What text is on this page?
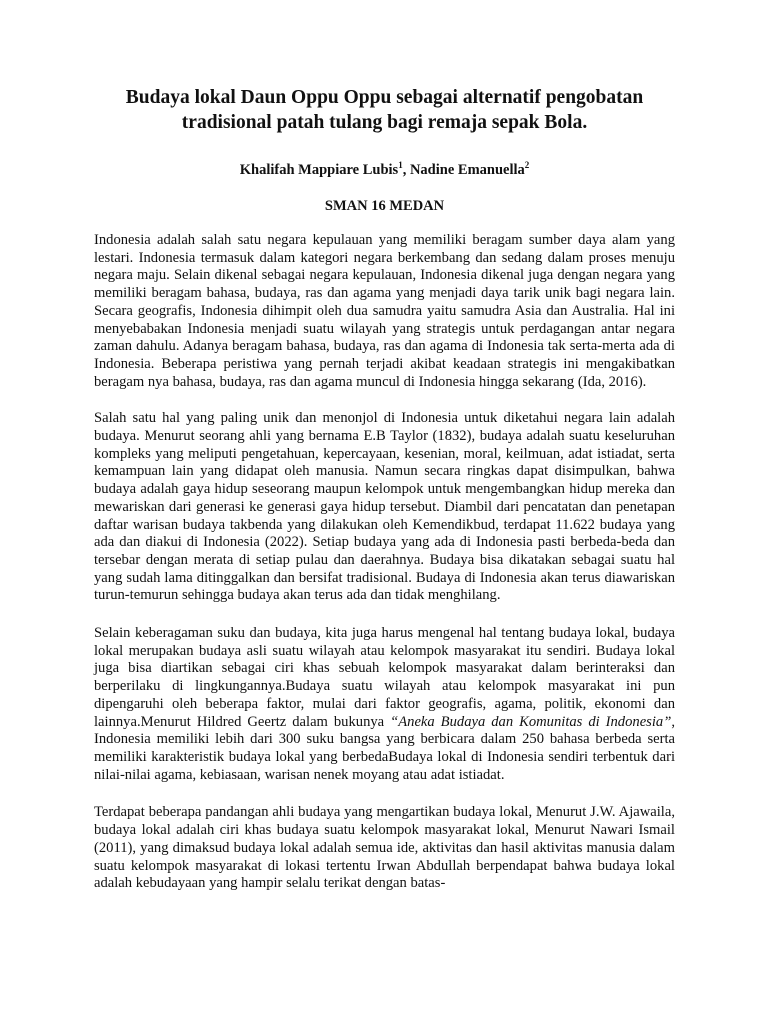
Budaya lokal Daun Oppu Oppu sebagai alternatif pengobatan tradisional patah tulang bagi remaja sepak Bola.
Khalifah Mappiare Lubis$^1$, Nadine Emanuella$^2$
SMAN 16 MEDAN

Indonesia adalah salah satu negara kepulauan yang memiliki beragam sumber daya alam yang lestari. Indonesia termasuk dalam kategori negara berkembang dan sedang dalam proses menuju negara maju. Selain dikenal sebagai negara kepulauan, Indonesia dikenal juga dengan negara yang memiliki beragam bahasa, budaya, ras dan agama yang menjadi daya tarik unik bagi negara lain. Secara geografis, Indonesia dihimpit oleh dua samudra yaitu samudra Asia dan Australia. Hal ini menyebabakan Indonesia menjadi suatu wilayah yang strategis untuk perdagangan antar negara zaman dahulu. Adanya beragam bahasa, budaya, ras dan agama di Indonesia tak serta-merta ada di Indonesia. Beberapa peristiwa yang pernah terjadi akibat keadaan strategis ini mengakibatkan beragam nya bahasa, budaya, ras dan agama muncul di Indonesia hingga sekarang (Ida, 2016).

Salah satu hal yang paling unik dan menonjol di Indonesia untuk diketahui negara lain adalah budaya. Menurut seorang ahli yang bernama E.B Taylor (1832), budaya adalah suatu keseluruhan kompleks yang meliputi pengetahuan, kepercayaan, kesenian, moral, keilmuan, adat istiadat, serta kemampuan lain yang didapat oleh manusia. Namun secara ringkas dapat disimpulkan, bahwa budaya adalah gaya hidup seseorang maupun kelompok untuk mengembangkan hidup mereka dan mewariskan dari generasi ke generasi gaya hidup tersebut. Diambil dari pencatatan dan penetapan daftar warisan budaya takbenda yang dilakukan oleh Kemendikbud, terdapat 11.622 budaya yang ada dan diakui di Indonesia (2022). Setiap budaya yang ada di Indonesia pasti berbeda-beda dan tersebar dengan merata di setiap pulau dan daerahnya. Budaya bisa dikatakan sebagai suatu hal yang sudah lama ditinggalkan dan bersifat tradisional. Budaya di Indonesia akan terus diawariskan turun-temurun sehingga budaya akan terus ada dan tidak menghilang.

Selain keberagaman suku dan budaya, kita juga harus mengenal hal tentang budaya lokal, budaya lokal merupakan budaya asli suatu wilayah atau kelompok masyarakat itu sendiri. Budaya lokal juga bisa diartikan sebagai ciri khas sebuah kelompok masyarakat dalam berinteraksi dan berperilaku di lingkungannya.Budaya suatu wilayah atau kelompok masyarakat ini pun dipengaruhi oleh beberapa faktor, mulai dari faktor geografis, agama, politik, ekonomi dan lainnya.Menurut Hildred Geertz dalam bukunya “Aneka Budaya dan Komunitas di Indonesia”, Indonesia memiliki lebih dari 300 suku bangsa yang berbicara dalam 250 bahasa berbeda serta memiliki karakteristik budaya lokal yang berbedaBudaya lokal di Indonesia sendiri terbentuk dari nilai-nilai agama, kebiasaan, warisan nenek moyang atau adat istiadat.

Terdapat beberapa pandangan ahli budaya yang mengartikan budaya lokal, Menurut J.W. Ajawaila, budaya lokal adalah ciri khas budaya suatu kelompok masyarakat lokal, Menurut Nawari Ismail (2011), yang dimaksud budaya lokal adalah semua ide, aktivitas dan hasil aktivitas manusia dalam suatu kelompok masyarakat di lokasi tertentu Irwan Abdullah berpendapat bahwa budaya lokal adalah kebudayaan yang hampir selalu terikat dengan batas-
